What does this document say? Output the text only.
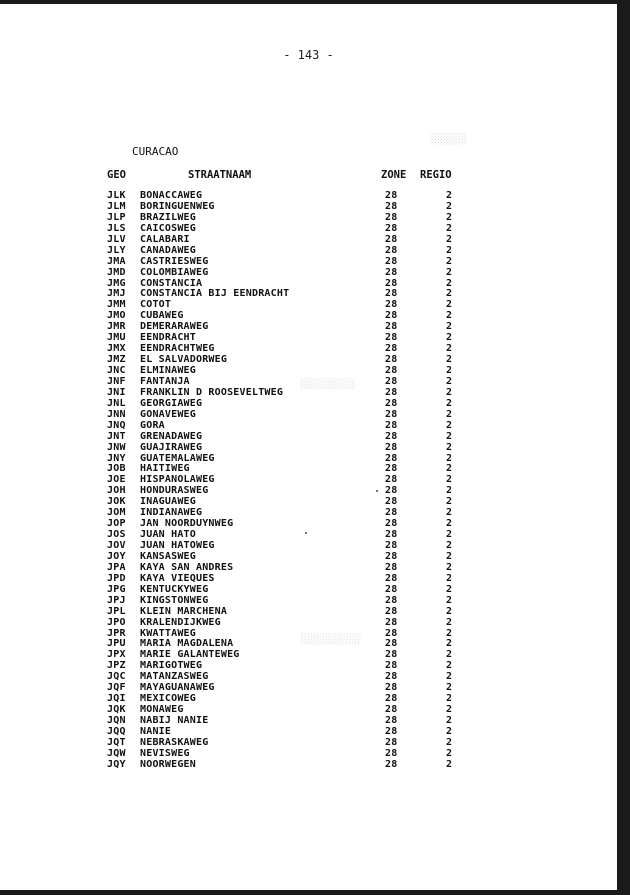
░░░░░░
░░░░░░░░░
░░░░░░░░░░
- 143 -
CURACAO
GEO	STRAATNAAM	ZONE REGIO
JLK BONACCAWEG	28	2
JLM BORINGUENWEG	28	2
JLP BRAZILWEG	28	2
JLS CAICOSWEG	28	2
JLV CALABARI	28	2
JLY CANADAWEG	28	2
JMA CASTRIESWEG	28	2
JMD COLOMBIAWEG	28	2
JMG CONSTANCIA	28	2
JMJ CONSTANCIA BIJ EENDRACHT	28	2
JMM COTOT	28	2
JMO CUBAWEG	28	2
JMR DEMERARAWEG	28	2
JMU EENDRACHT	28	2
JMX EENDRACHTWEG	28	2
JMZ EL SALVADORWEG	28	2
JNC ELMINAWEG	28	2
JNF FANTANJA	28	2
JNI FRANKLIN D ROOSEVELTWEG	28	2
JNL GEORGIAWEG	28	2
JNN GONAVEWEG	28	2
JNQ GORA	28	2
JNT GRENADAWEG	28	2
JNW GUAJIRAWEG	28	2
JNY GUATEMALAWEG	28	2
JOB HAITIWEG	28	2
JOE HISPANOLAWEG	28	2
JOH HONDURASWEG	28	2
JOK INAGUAWEG	28	2
JOM INDIANAWEG	28	2
JOP JAN NOORDUYNWEG	28	2
JOS JUAN HATO	28	2
JOV JUAN HATOWEG	28	2
JOY KANSASWEG	28	2
JPA KAYA SAN ANDRES	28	2
JPD KAYA VIEQUES	28	2
JPG KENTUCKYWEG	28	2
JPJ KINGSTONWEG	28	2
JPL KLEIN MARCHENA	28	2
JPO KRALENDIJKWEG	28	2
JPR KWATTAWEG	28	2
JPU MARIA MAGDALENA	28	2
JPX MARIE GALANTEWEG	28	2
JPZ MARIGOTWEG	28	2
JQC MATANZASWEG	28	2
JQF MAYAGUANAWEG	28	2
JQI MEXICOWEG	28	2
JQK MONAWEG	28	2
JQN NABIJ NANIE	28	2
JQQ NANIE	28	2
JQT NEBRASKAWEG	28	2
JQW NEVISWEG	28	2
JQY NOORWEGEN	28	2
